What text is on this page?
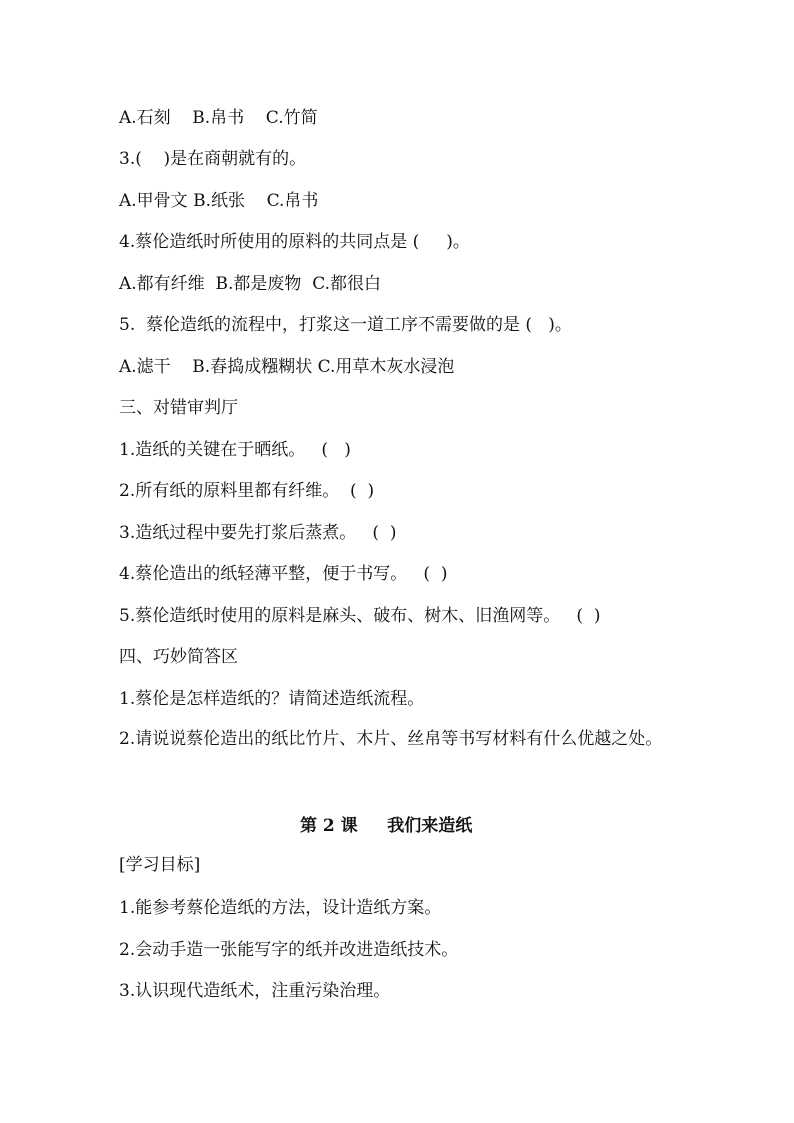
A.石刻    B.帛书    C.竹简

3.(    )是在商朝就有的。

A.甲骨文 B.纸张    C.帛书

4.蔡伦造纸时所使用的原料的共同点是 (     )。

A.都有纤维  B.都是废物  C.都很白

5.  蔡伦造纸的流程中，打浆这一道工序不需要做的是 (   )。

A.滤干    B.舂捣成糨糊状 C.用草木灰水浸泡

三、对错审判厅

1.造纸的关键在于晒纸。   (   )

2.所有纸的原料里都有纤维。  (  )

3.造纸过程中要先打浆后蒸煮。   (  )

4.蔡伦造出的纸轻薄平整，便于书写。   (  )

5.蔡伦造纸时使用的原料是麻头、破布、树木、旧渔网等。   (  )

四、巧妙简答区

1.蔡伦是怎样造纸的？请简述造纸流程。

2.请说说蔡伦造出的纸比竹片、木片、丝帛等书写材料有什么优越之处。

第 2 课     我们来造纸

[学习目标]

1.能参考蔡伦造纸的方法，设计造纸方案。

2.会动手造一张能写字的纸并改进造纸技术。

3.认识现代造纸术，注重污染治理。
